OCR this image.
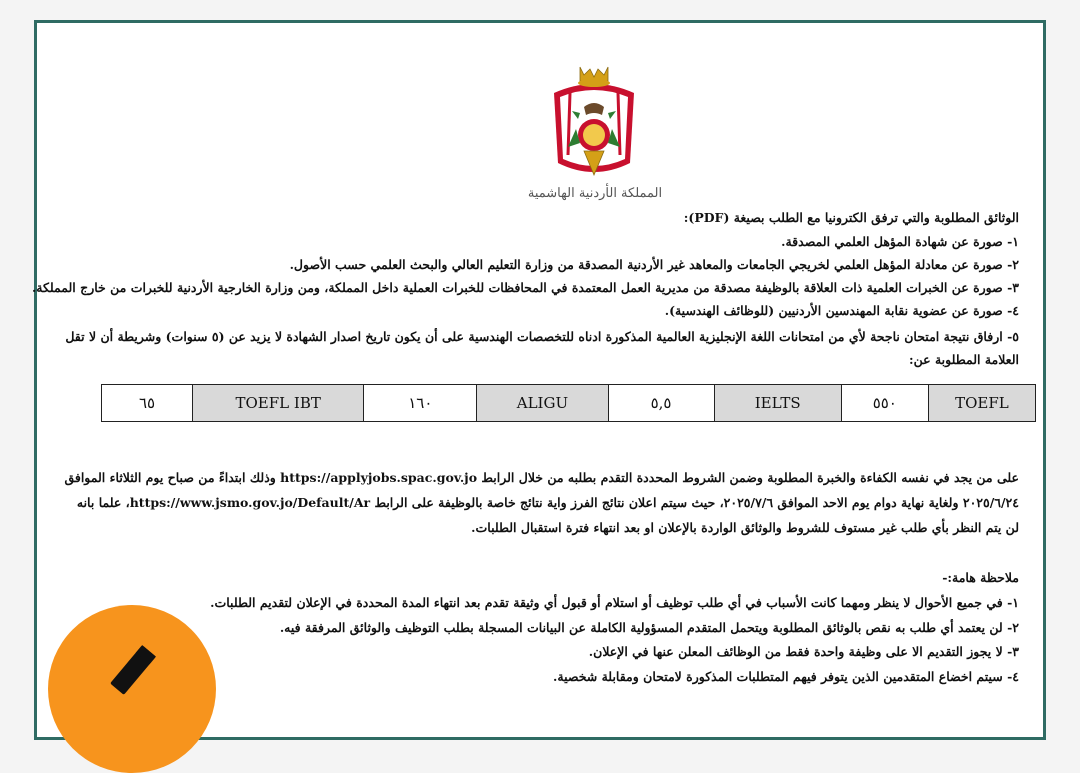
المملكة الأردنية الهاشمية
الوثائق المطلوبة والتي ترفق الكترونيا مع الطلب بصيغة (PDF):
١- صورة عن شهادة المؤهل العلمي المصدقة.
٢- صورة عن معادلة المؤهل العلمي لخريجي الجامعات والمعاهد غير الأردنية المصدقة من وزارة التعليم العالي والبحث العلمي حسب الأصول.
٣- صورة عن الخبرات العلمية ذات العلاقة بالوظيفة مصدقة من مديرية العمل المعتمدة في المحافظات للخبرات العملية داخل المملكة، ومن وزارة الخارجية الأردنية للخبرات من خارج المملكة.
٤- صورة عن عضوية نقابة المهندسين الأردنيين (للوظائف الهندسية).
٥- ارفاق نتيجة امتحان ناجحة لأي من امتحانات اللغة الإنجليزية العالمية المذكورة ادناه للتخصصات الهندسية على أن يكون تاريخ اصدار الشهادة لا يزيد عن (٥ سنوات) وشريطة أن لا تقل العلامة المطلوبة عن:
٦٥	TOEFL IBT	١٦٠	ALIGU	٥,٥	IELTS	٥٥٠	TOEFL
على من يجد في نفسه الكفاءة والخبرة المطلوبة وضمن الشروط المحددة التقدم بطلبه من خلال الرابط https://applyjobs.spac.gov.jo وذلك ابتداءً من صباح يوم الثلاثاء الموافق
٢٠٢٥/٦/٢٤ ولغاية نهاية دوام يوم الاحد الموافق ٢٠٢٥/٧/٦، حيث سيتم اعلان نتائج الفرز واية نتائج خاصة بالوظيفة على الرابط https://www.jsmo.gov.jo/Default/Ar، علما بانه
لن يتم النظر بأي طلب غير مستوف للشروط والوثائق الواردة بالإعلان او بعد انتهاء فترة استقبال الطلبات.
ملاحظة هامة:-
١- في جميع الأحوال لا ينظر ومهما كانت الأسباب في أي طلب توظيف أو استلام أو قبول أي وثيقة تقدم بعد انتهاء المدة المحددة في الإعلان لتقديم الطلبات.
٢- لن يعتمد أي طلب به نقص بالوثائق المطلوبة ويتحمل المتقدم المسؤولية الكاملة عن البيانات المسجلة بطلب التوظيف والوثائق المرفقة فيه.
٣- لا يجوز التقديم الا على وظيفة واحدة فقط من الوظائف المعلن عنها في الإعلان.
٤- سيتم اخضاع المتقدمين الذين يتوفر فيهم المتطلبات المذكورة لامتحان ومقابلة شخصية.
